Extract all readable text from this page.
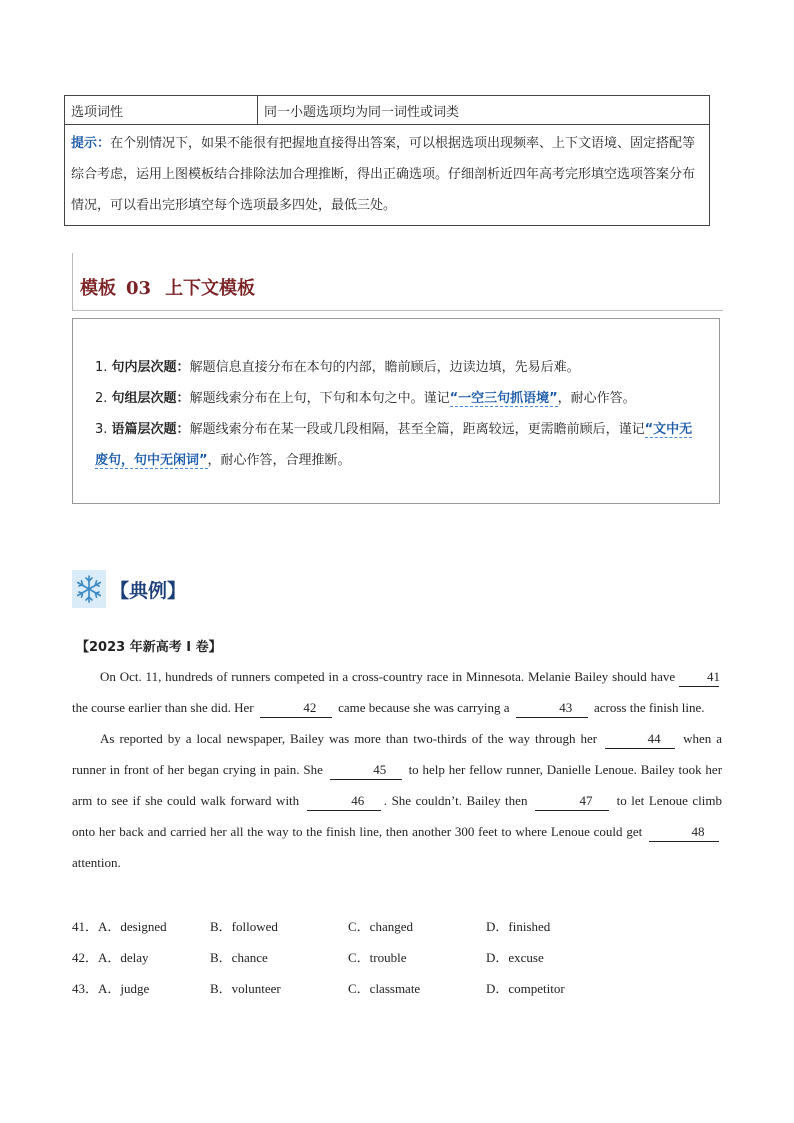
选项词性	同一小题选项均为同一词性或词类
提示：在个别情况下，如果不能很有把握地直接得出答案，可以根据选项出现频率、上下文语境、固定搭配等综合考虑，运用上图模板结合排除法加合理推断，得出正确选项。仔细剖析近四年高考完形填空选项答案分布情况，可以看出完形填空每个选项最多四处，最低三处。
模板 03 上下文模板
1. 句内层次题：解题信息直接分布在本句的内部，瞻前顾后，边读边填，先易后难。
2. 句组层次题：解题线索分布在上句，下句和本句之中。谨记“一空三句抓语境”，耐心作答。
3. 语篇层次题：解题线索分布在某一段或几段相隔，甚至全篇，距离较远，更需瞻前顾后，谨记“文中无废句，句中无闲词”，耐心作答，合理推断。
【典例】
【2023 年新高考 I 卷】

On Oct. 11, hundreds of runners competed in a cross-country race in Minnesota. Melanie Bailey should have 41 the course earlier than she did. Her	42 came because she was carrying a	43 across the finish line.

As reported by a local newspaper, Bailey was more than two-thirds of the way through her	44 when a runner in front of her began crying in pain. She	45 to help her fellow runner, Danielle Lenoue. Bailey took her arm to see if she could walk forward with	46 . She couldn’t. Bailey then	47 to let Lenoue climb onto her back and carried her all the way to the finish line, then another 300 feet to where Lenoue could get	48 attention.

41．A．designed	B．followed	C．changed	D．finished
42．A．delay	B．chance	C．trouble	D．excuse
43．A．judge	B．volunteer	C．classmate	D．competitor
